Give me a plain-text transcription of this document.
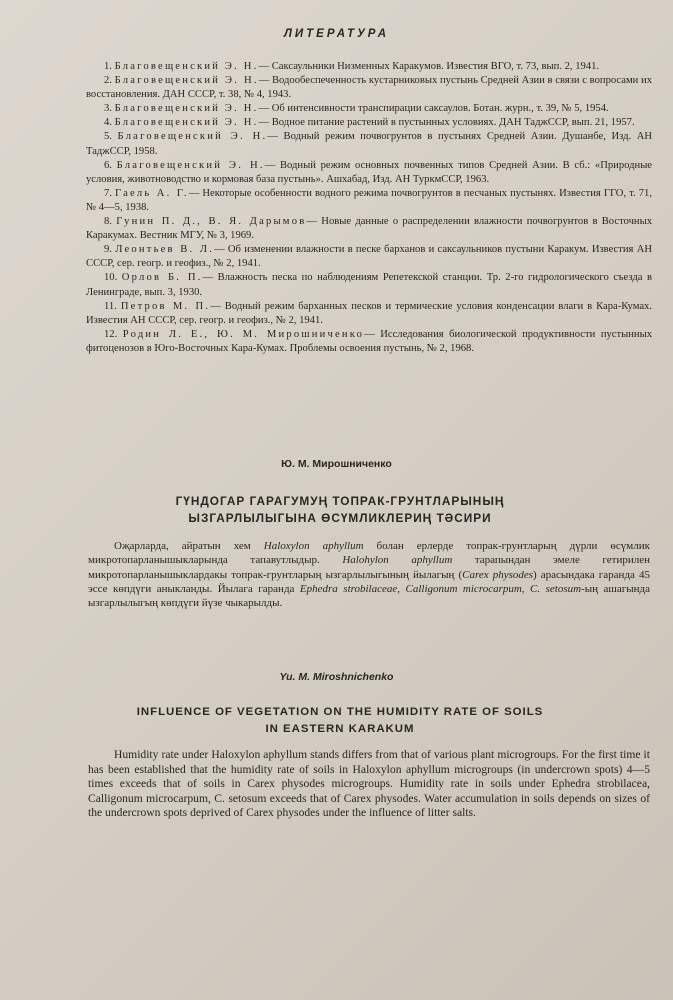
ЛИТЕРАТУРА

1. Благовещенский Э. Н.— Саксаульники Низменных Каракумов. Известия ВГО, т. 73, вып. 2, 1941.

2. Благовещенский Э. Н.— Водообеспеченность кустарниковых пустынь Средней Азии в связи с вопросами их восстановления. ДАН СССР, т. 38, № 4, 1943.

3. Благовещенский Э. Н.— Об интенсивности транспирации саксаулов. Ботан. журн., т. 39, № 5, 1954.

4. Благовещенский Э. Н.— Водное питание растений в пустынных условиях. ДАН ТаджССР, вып. 21, 1957.

5. Благовещенский Э. Н.— Водный режим почвогрунтов в пустынях Средней Азии. Душанбе, Изд. АН ТаджССР, 1958.

6. Благовещенский Э. Н.— Водный режим основных почвенных типов Средней Азии. В сб.: «Природные условия, животноводство и кормовая база пустынь». Ашхабад, Изд. АН ТуркмССР, 1963.

7. Гаель А. Г.— Некоторые особенности водного режима почвогрунтов в песчаных пустынях. Известия ГГО, т. 71, № 4—5, 1938.

8. Гунин П. Д., В. Я. Дарымов— Новые данные о распределении влажности почвогрунтов в Восточных Каракумах. Вестник МГУ, № 3, 1969.

9. Леонтьев В. Л.— Об изменении влажности в песке барханов и саксаульников пустыни Каракум. Известия АН СССР, сер. геогр. и геофиз., № 2, 1941.

10. Орлов Б. П.— Влажность песка по наблюдениям Репетекской станции. Тр. 2-го гидрологического съезда в Ленинграде, вып. 3, 1930.

11. Петров М. П.— Водный режим барханных песков и термические условия конденсации влаги в Кара-Кумах. Известия АН СССР, сер. геогр. и геофиз., № 2, 1941.

12. Родин Л. Е., Ю. М. Мирошниченко— Исследования биологической продуктивности пустынных фитоценозов в Юго-Восточных Кара-Кумах. Проблемы освоения пустынь, № 2, 1968.

Ю. М. Мирошниченко
ГҮНДОГАР ГАРАГУМУҢ ТОПРАК-ГРУНТЛАРЫНЫҢ
ЫЗГАРЛЫЛЫГЫНА ӨСҮМЛИКЛЕРИҢ ТӘСИРИ

Оҗарларда, айратын хем Haloxylon aphyllum болан ерлерде топрак-грунтларың дүрли өсүмлик микротопарланышыкларында тапавутлыдыр. Halohylon aphyllum тарапындан эмеле гетирилен микротопарланышыклардакы топрак-грунтларың ызгарлылыгының йылагың (Carex physodes) арасындака гаранда 45 эссе көпдүги аныкланды. Йылага гаранда Ephedra strobilaceae, Calligonum microcarpum, C. setosum-ың ашагында ызгарлылыгың көпдүги йүзе чыкарылды.

Yu. M. Miroshnichenko
INFLUENCE OF VEGETATION ON THE HUMIDITY RATE OF SOILS
IN EASTERN KARAKUM

Humidity rate under Haloxylon aphyllum stands differs from that of various plant microgroups. For the first time it has been established that the humidity rate of soils in Haloxylon aphyllum microgroups (in undercrown spots) 4—5 times exceeds that of soils in Carex physodes microgroups. Humidity rate in soils under Ephedra strobilacea, Calligonum microcarpum, C. setosum exceeds that of Carex physodes. Water accumulation in soils depends on sizes of the undercrown spots deprived of Carex physodes under the influence of litter salts.
